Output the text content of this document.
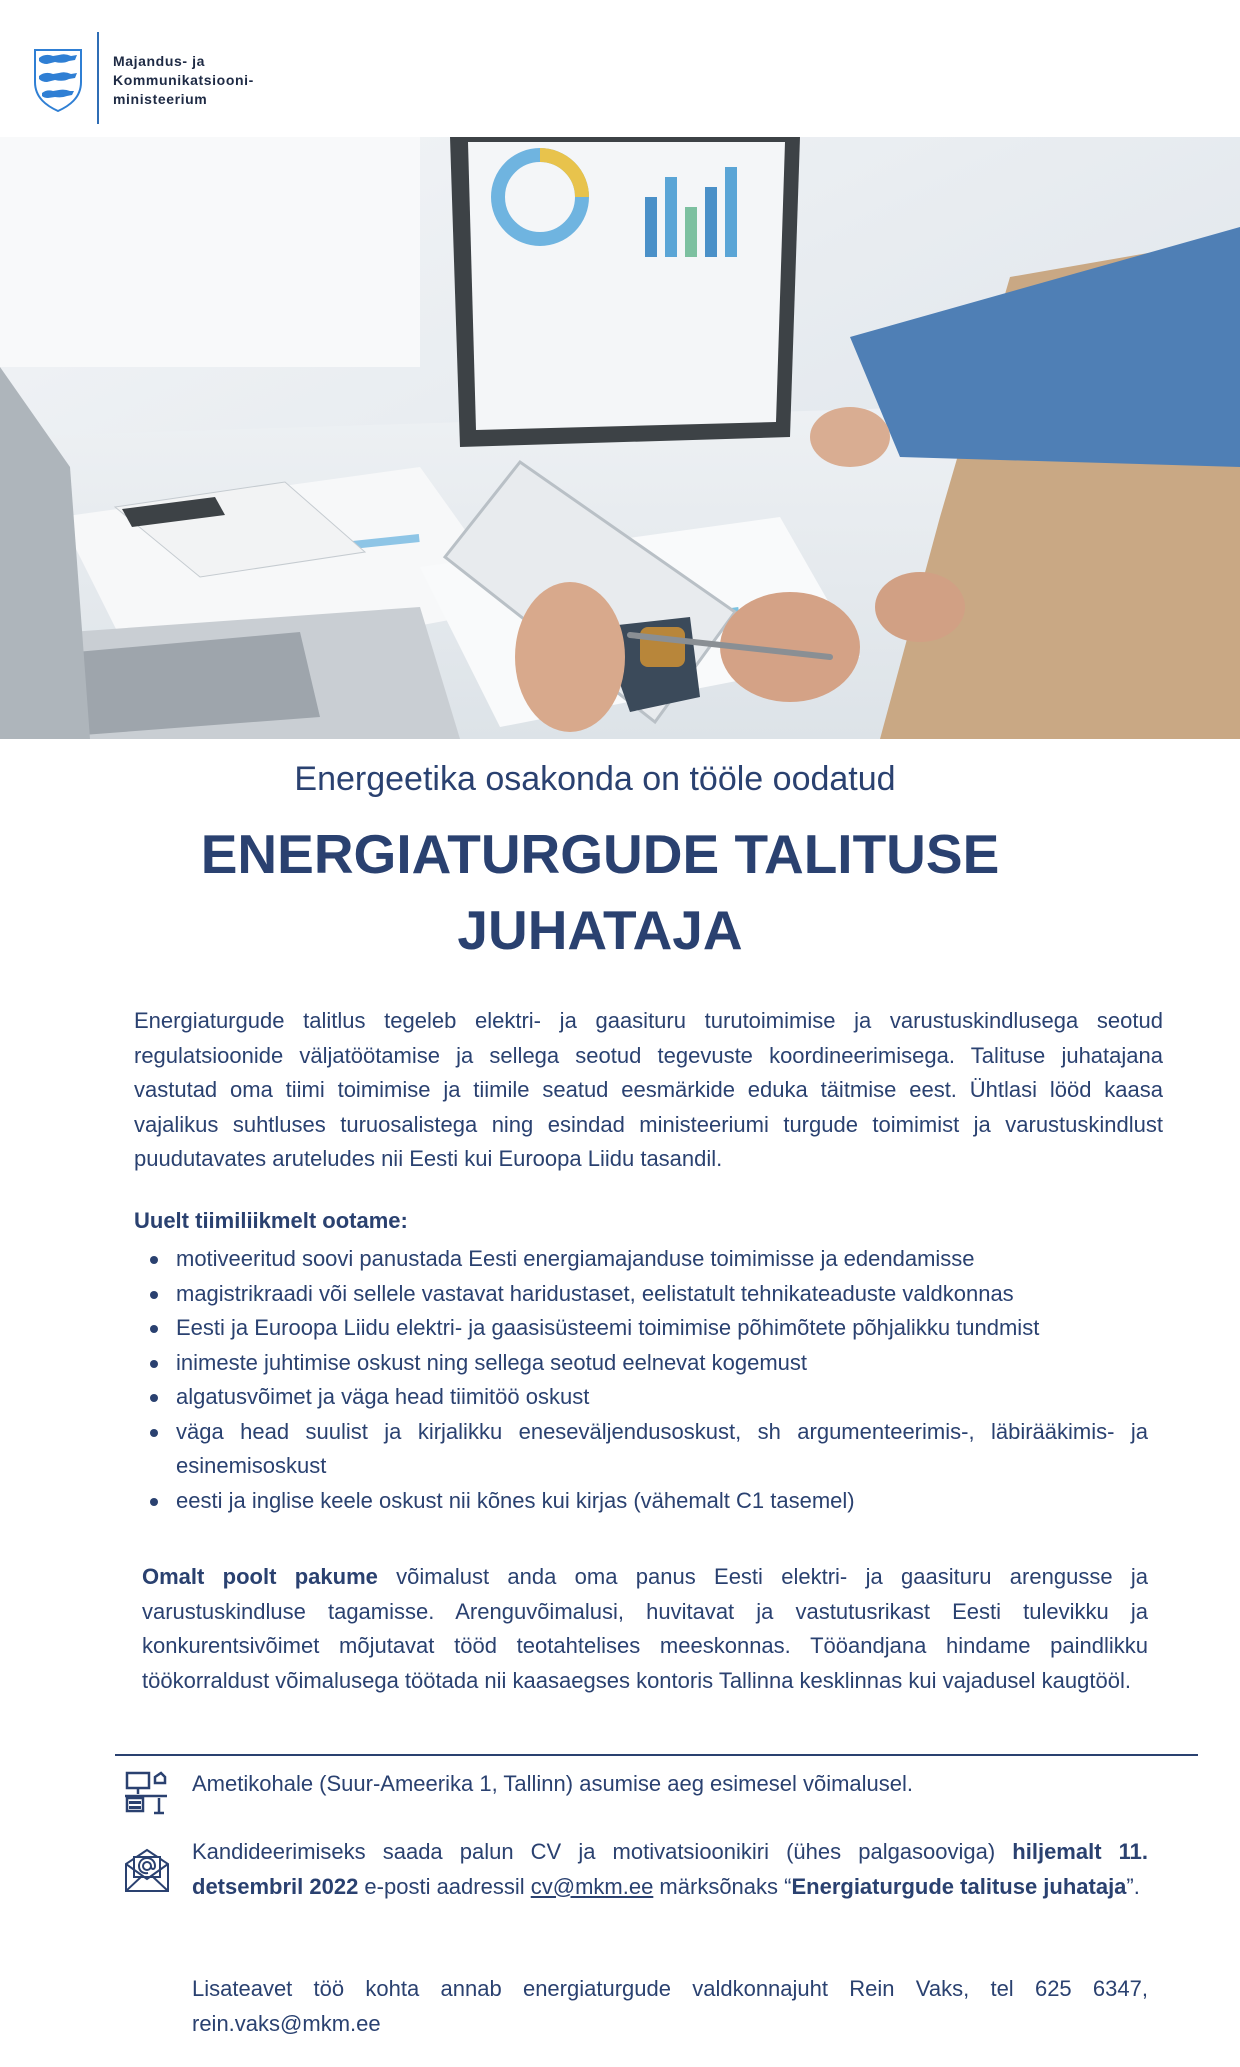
Majandus- ja
Kommunikatsiooni-
ministeerium
Energeetika osakonda on tööle oodatud
ENERGIATURGUDE TALITUSE
JUHATAJA
Energiaturgude talitlus tegeleb elektri- ja gaasituru turutoimimise ja varustuskindlusega seotud regulatsioonide väljatöötamise ja sellega seotud tegevuste koordineerimisega. Talituse juhatajana vastutad oma tiimi toimimise ja tiimile seatud eesmärkide eduka täitmise eest. Ühtlasi lööd kaasa vajalikus suhtluses turuosalistega ning esindad ministeeriumi turgude toimimist ja varustuskindlust puudutavates aruteludes nii Eesti kui Euroopa Liidu tasandil.
Uuelt tiimiliikmelt ootame:
motiveeritud soovi panustada Eesti energiamajanduse toimimisse ja edendamisse
magistrikraadi või sellele vastavat haridustaset, eelistatult tehnikateaduste valdkonnas
Eesti ja Euroopa Liidu elektri- ja gaasisüsteemi toimimise põhimõtete põhjalikku tundmist
inimeste juhtimise oskust ning sellega seotud eelnevat kogemust
algatusvõimet ja väga head tiimitöö oskust
väga head suulist ja kirjalikku eneseväljendusoskust, sh argumenteerimis-, läbirääkimis- ja esinemisoskust
eesti ja inglise keele oskust nii kõnes kui kirjas (vähemalt C1 tasemel)
Omalt poolt pakume võimalust anda oma panus Eesti elektri- ja gaasituru arengusse ja varustuskindluse tagamisse. Arenguvõimalusi, huvitavat ja vastutusrikast Eesti tulevikku ja konkurentsivõimet mõjutavat tööd teotahtelises meeskonnas. Tööandjana hindame paindlikku töökorraldust võimalusega töötada nii kaasaegses kontoris Tallinna kesklinnas kui vajadusel kaugtööl.
Ametikohale (Suur-Ameerika 1, Tallinn) asumise aeg esimesel võimalusel.
Kandideerimiseks saada palun CV ja motivatsioonikiri (ühes palgasooviga) hiljemalt 11. detsembril 2022 e-posti aadressil cv@mkm.ee märksõnaks “Energiaturgude talituse juhataja”.
Lisateavet töö kohta annab energiaturgude valdkonnajuht Rein Vaks, tel 625 6347, rein.vaks@mkm.ee
